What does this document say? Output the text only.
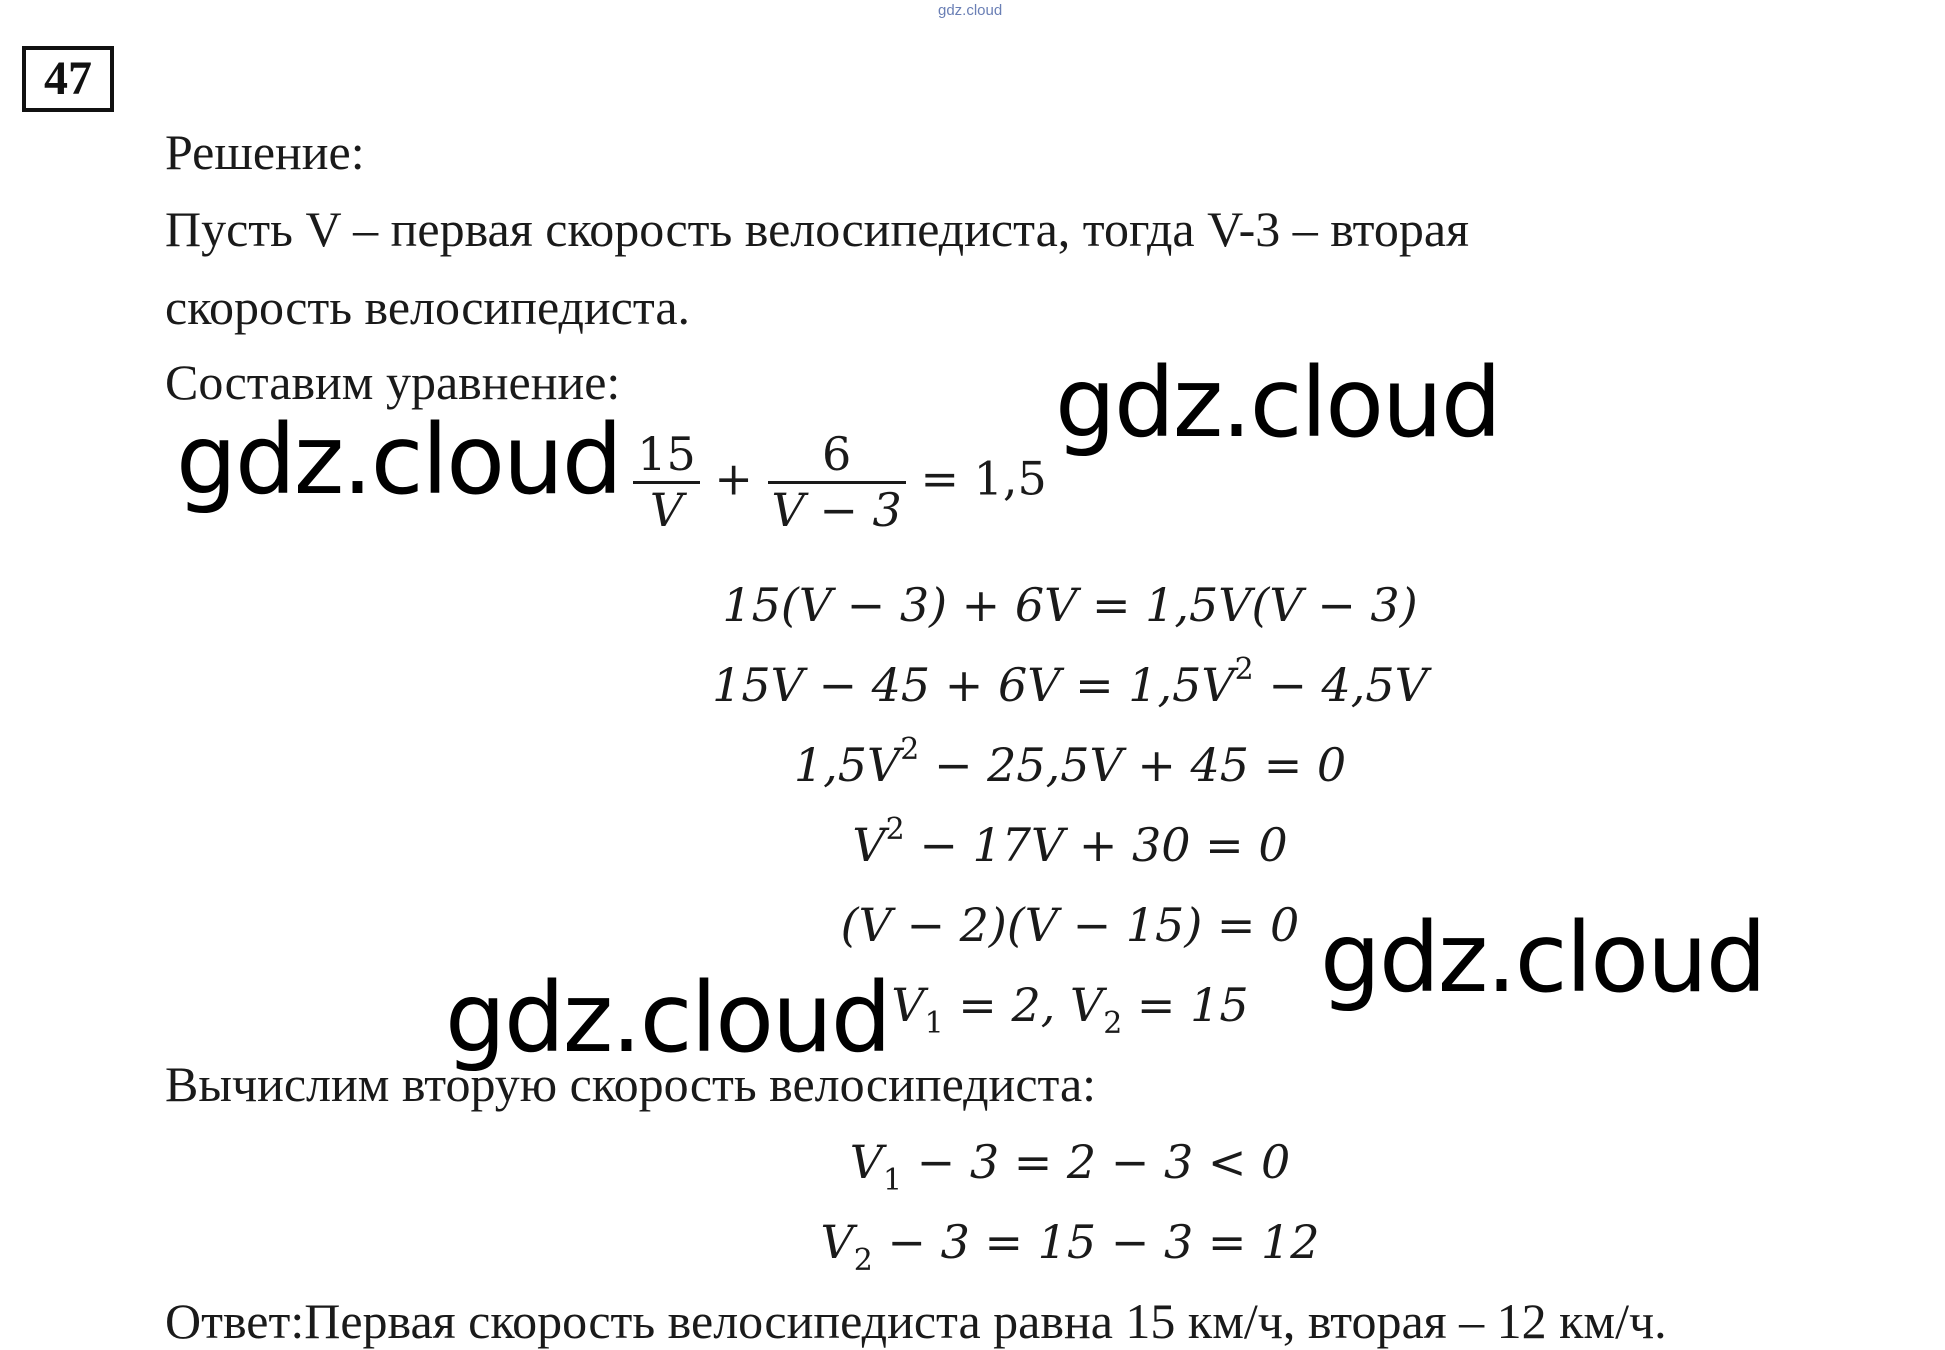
gdz.cloud
47
Решение:
Пусть V – первая скорость велосипедиста, тогда V-3 – вторая
скорость велосипедиста.
Составим уравнение:
$\frac{15}{V} + \frac{6}{V - 3} = 1,5$
15(V − 3) + 6V = 1,5V(V − 3)
$15V - 45 + 6V = 1,5V^2 - 4,5V$
$1,5V^2 - 25,5V + 45 = 0$
$V^2 - 17V + 30 = 0$
(V − 2)(V − 15) = 0
$V_1 = 2$, $V_2 = 15$
Вычислим вторую скорость велосипедиста:
$V_1 - 3 = 2 - 3 < 0$
$V_2 - 3 = 15 - 3 = 12$
Ответ:Первая скорость велосипедиста равна 15 км/ч, вторая – 12 км/ч.
gdz.cloud
gdz.cloud
gdz.cloud
gdz.cloud
